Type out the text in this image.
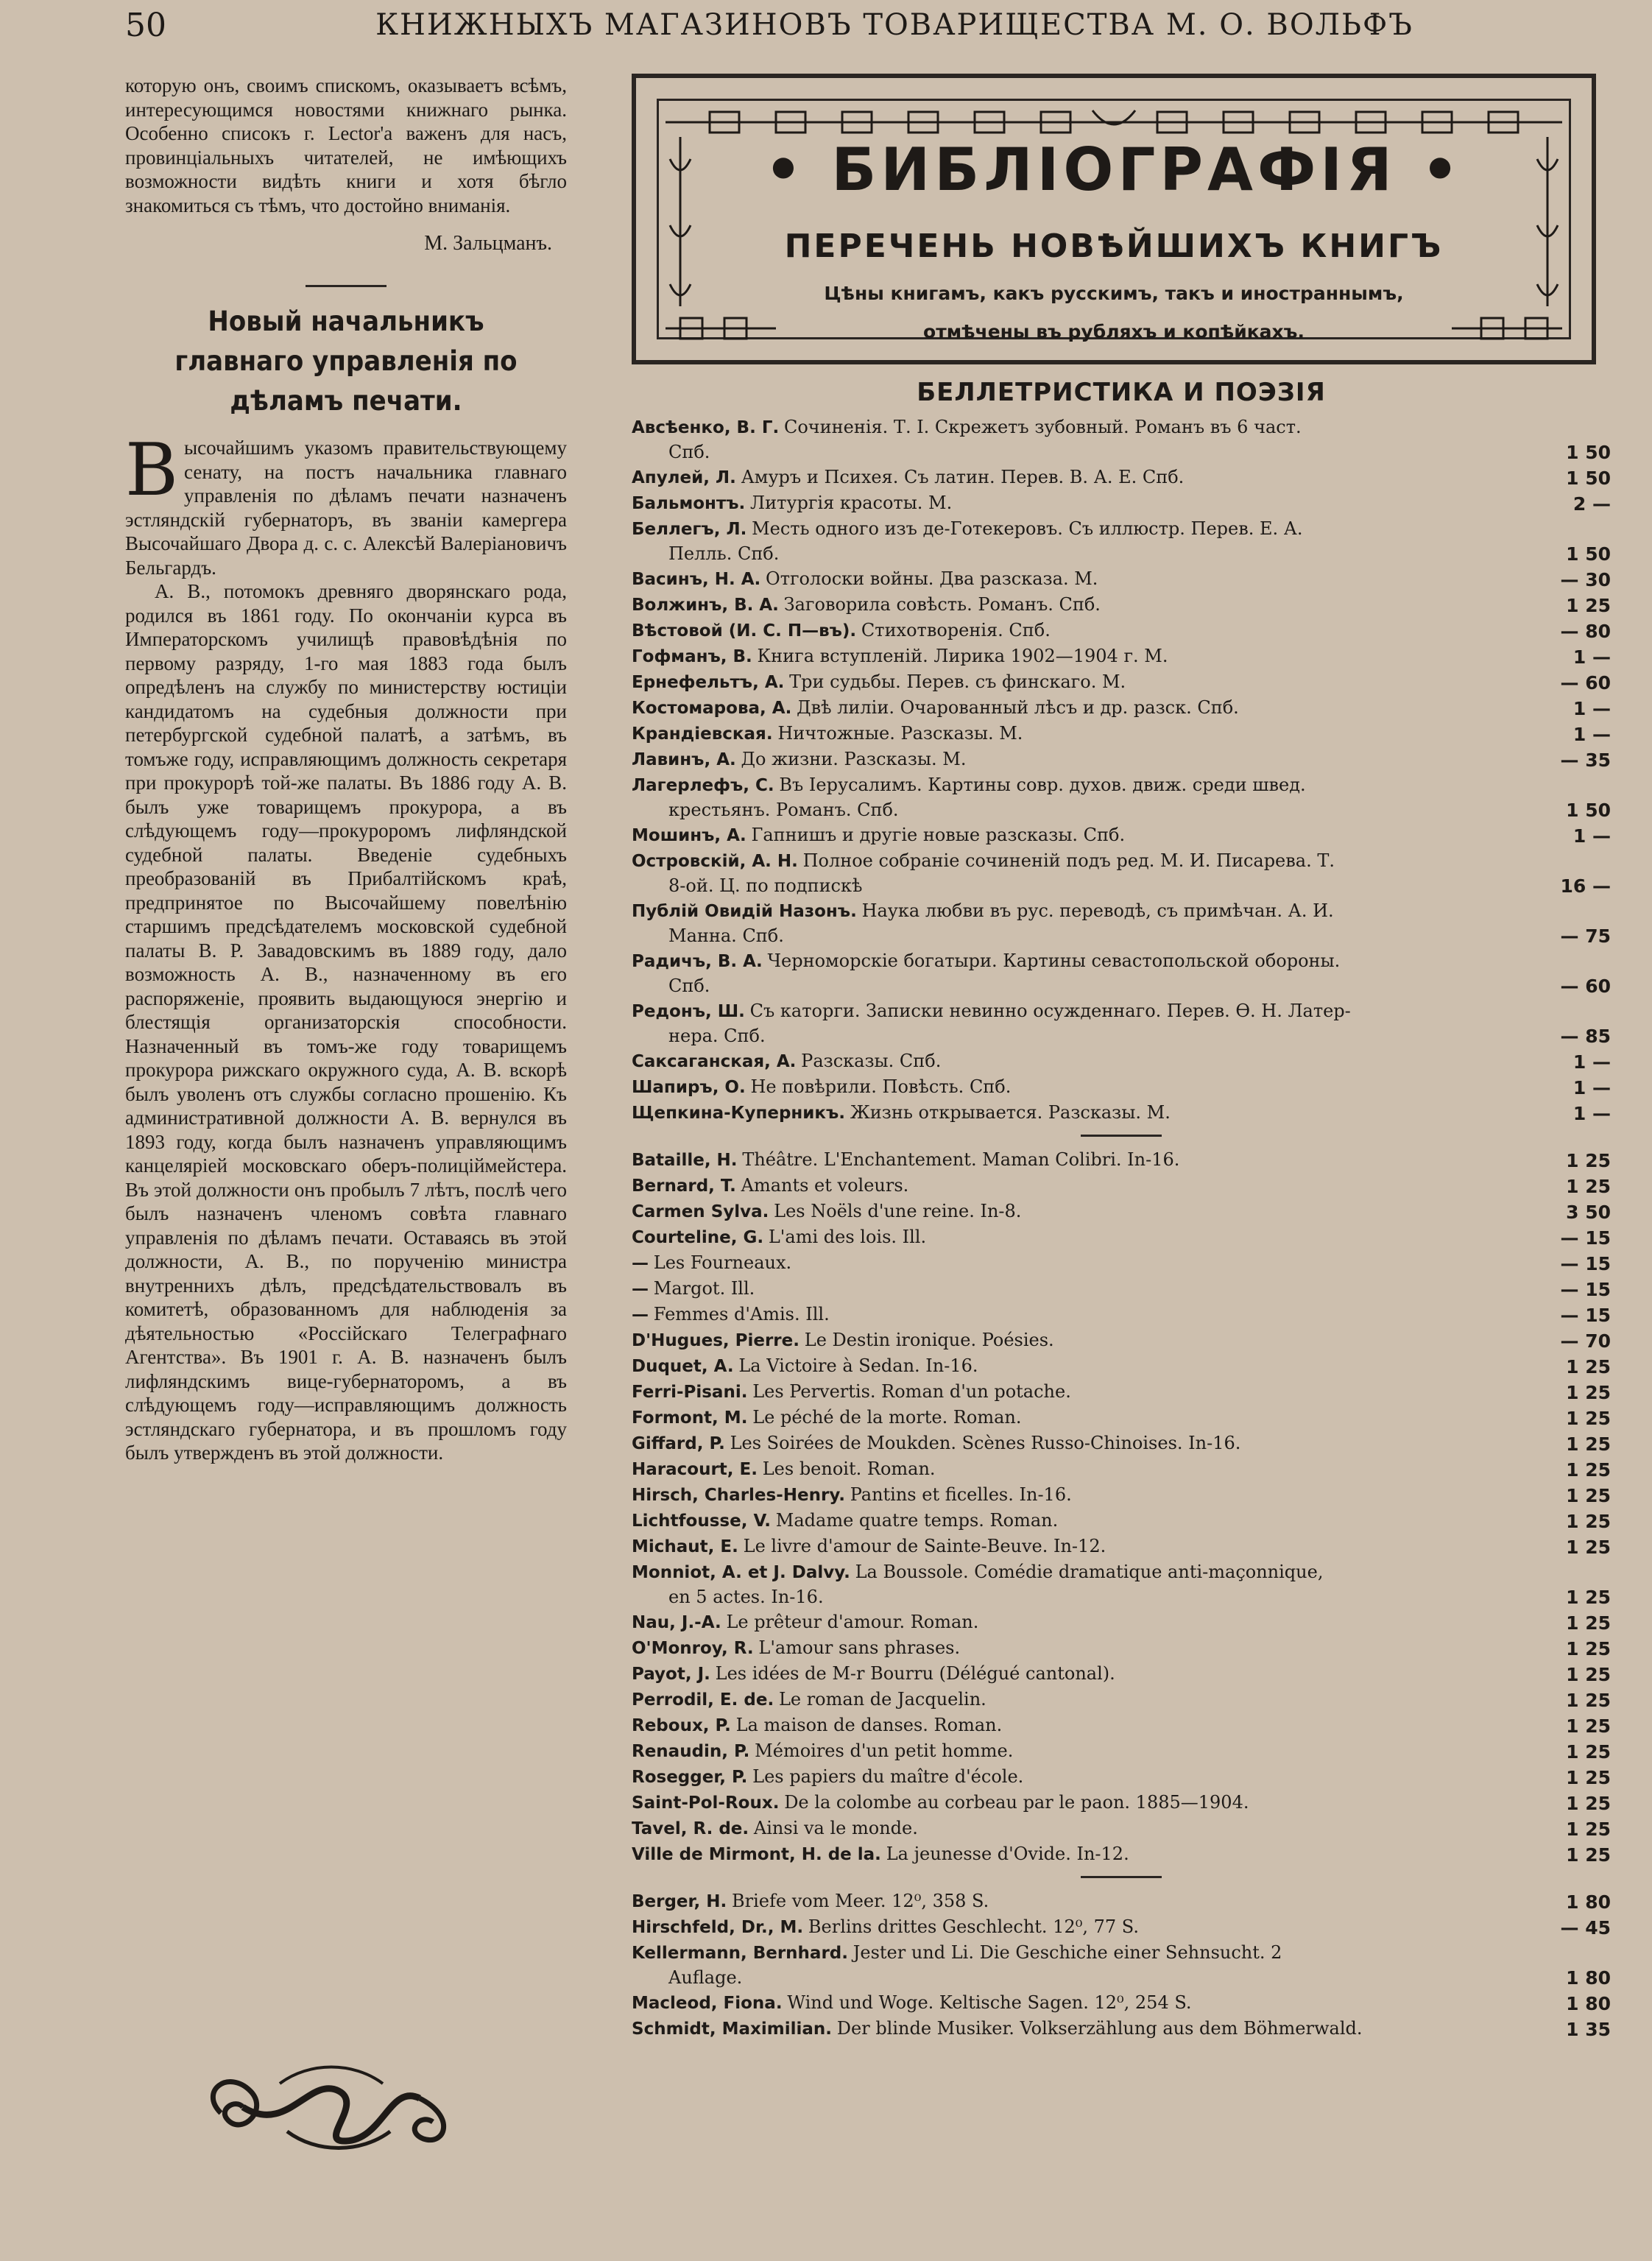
50	КНИЖНЫХЪ МАГАЗИНОВЪ ТОВАРИЩЕСТВА М. О. ВОЛЬФЪ

которую онъ, своимъ спискомъ, оказываетъ всѣмъ, интересующимся новостями книжнаго рынка. Особенно списокъ г. Lector'а важенъ для насъ, провинціальныхъ читателей, не имѣющихъ возможности видѣть книги и хотя бѣгло знакомиться съ тѣмъ, что достойно вниманія.

М. Зальцманъ.
Новый начальникъ главнаго управленія по дѣламъ печати.
В ысочайшимъ указомъ правительствующему сенату, на постъ начальника главнаго управленія по дѣламъ печати назначенъ эстляндскій губернаторъ, въ званіи камергера Высочайшаго Двора д. с. с. Алексѣй Валеріановичъ Бельгардъ.

А. В., потомокъ древняго дворянскаго рода, родился въ 1861 году. По окончаніи курса въ Императорскомъ училищѣ правовѣдѣнія по первому разряду, 1-го мая 1883 года былъ опредѣленъ на службу по министерству юстиціи кандидатомъ на судебныя должности при петербургской судебной палатѣ, а затѣмъ, въ томъже году, исправляющимъ должность секретаря при прокурорѣ той-же палаты. Въ 1886 году А. В. былъ уже товарищемъ прокурора, а въ слѣдующемъ году—прокуроромъ лифляндской судебной палаты. Введеніе судебныхъ преобразованій въ Прибалтійскомъ краѣ, предпринятое по Высочайшему повелѣнію старшимъ предсѣдателемъ московской судебной палаты В. Р. Завадовскимъ въ 1889 году, дало возможность А. В., назначенному въ его распоряженіе, проявить выдающуюся энергію и блестящія организаторскія способности. Назначенный въ томъ-же году товарищемъ прокурора рижскаго окружного суда, А. В. вскорѣ былъ уволенъ отъ службы согласно прошенію. Къ административной должности А. В. вернулся въ 1893 году, когда былъ назначенъ управляющимъ канцеляріей московскаго оберъ-полиціймейстера. Въ этой должности онъ пробылъ 7 лѣтъ, послѣ чего былъ назначенъ членомъ совѣта главнаго управленія по дѣламъ печати. Оставаясь въ этой должности, А. В., по порученію министра внутреннихъ дѣлъ, предсѣдательствовалъ въ комитетѣ, образованномъ для наблюденія за дѣятельностью «Россійскаго Телеграфнаго Агентства». Въ 1901 г. А. В. назначенъ былъ лифляндскимъ вице-губернаторомъ, а въ слѣдующемъ году—исправляющимъ должность эстляндскаго губернатора, и въ прошломъ году былъ утвержденъ въ этой должности.

• БИБЛІОГРАФІЯ •
ПЕРЕЧЕНЬ НОВѢЙШИХЪ КНИГЪ
Цѣны книгамъ, какъ русскимъ, такъ и иностраннымъ,
отмѣчены въ рубляхъ и копѣйкахъ.
БЕЛЛЕТРИСТИКА И ПОЭЗІЯ
Авсѣенко, В. Г. Сочиненія. Т. I. Скрежетъ зубовный. Романъ въ 6 част.
Спб.	1 50
Апулей, Л. Амуръ и Психея. Съ латин. Перев. В. А. Е. Спб.	1 50
Бальмонтъ. Литургія красоты. М.	2 —
Беллегъ, Л. Месть одного изъ де-Готекеровъ. Съ иллюстр. Перев. Е. А.
Пелль. Спб.	1 50
Васинъ, Н. А. Отголоски войны. Два разсказа. М.	— 30
Волжинъ, В. А. Заговорила совѣсть. Романъ. Спб.	1 25
Вѣстовой (И. С. П—въ). Стихотворенія. Спб.	— 80
Гофманъ, В. Книга вступленій. Лирика 1902—1904 г. М.	1 —
Ернефельтъ, А. Три судьбы. Перев. съ финскаго. М.	— 60
Костомарова, А. Двѣ лиліи. Очарованный лѣсъ и др. разск. Спб.	1 —
Крандіевская. Ничтожные. Разсказы. М.	1 —
Лавинъ, А. До жизни. Разсказы. М.	— 35
Лагерлефъ, С. Въ Іерусалимъ. Картины совр. духов. движ. среди швед.
крестьянъ. Романъ. Спб.	1 50
Мошинъ, А. Гапнишъ и другіе новые разсказы. Спб.	1 —
Островскій, А. Н. Полное собраніе сочиненій подъ ред. М. И. Писарева. Т.
8-ой. Ц. по подпискѣ	16 —
Публій Овидій Назонъ. Наука любви въ рус. переводѣ, съ примѣчан. А. И.
Манна. Спб.	— 75
Радичъ, В. А. Черноморскіе богатыри. Картины севастопольской обороны.
Спб.	— 60
Редонъ, Ш. Съ каторги. Записки невинно осужденнаго. Перев. Ѳ. Н. Латер-
нера. Спб.	— 85
Саксаганская, А. Разсказы. Спб.	1 —
Шапиръ, О. Не повѣрили. Повѣсть. Спб.	1 —
Щепкина-Куперникъ. Жизнь открывается. Разсказы. М.	1 —
Bataille, H. Théâtre. L'Enchantement. Maman Colibri. In-16.	1 25
Bernard, T. Amants et voleurs.	1 25
Carmen Sylva. Les Noëls d'une reine. In-8.	3 50
Courteline, G. L'ami des lois. Ill.	— 15
— Les Fourneaux.	— 15
— Margot. Ill.	— 15
— Femmes d'Amis. Ill.	— 15
D'Hugues, Pierre. Le Destin ironique. Poésies.	— 70
Duquet, A. La Victoire à Sedan. In-16.	1 25
Ferri-Pisani. Les Pervertis. Roman d'un potache.	1 25
Formont, M. Le péché de la morte. Roman.	1 25
Giffard, P. Les Soirées de Moukden. Scènes Russo-Chinoises. In-16.	1 25
Haracourt, E. Les benoit. Roman.	1 25
Hirsch, Charles-Henry. Pantins et ficelles. In-16.	1 25
Lichtfousse, V. Madame quatre temps. Roman.	1 25
Michaut, E. Le livre d'amour de Sainte-Beuve. In-12.	1 25
Monniot, A. et J. Dalvy. La Boussole. Comédie dramatique anti-maçonnique,
en 5 actes. In-16.	1 25
Nau, J.-A. Le prêteur d'amour. Roman.	1 25
O'Monroy, R. L'amour sans phrases.	1 25
Payot, J. Les idées de M-r Bourru (Délégué cantonal).	1 25
Perrodil, E. de. Le roman de Jacquelin.	1 25
Reboux, P. La maison de danses. Roman.	1 25
Renaudin, P. Mémoires d'un petit homme.	1 25
Rosegger, P. Les papiers du maître d'école.	1 25
Saint-Pol-Roux. De la colombe au corbeau par le paon. 1885—1904.	1 25
Tavel, R. de. Ainsi va le monde.	1 25
Ville de Mirmont, H. de la. La jeunesse d'Ovide. In-12.	1 25
Berger, H. Briefe vom Meer. 12⁰, 358 S.	1 80
Hirschfeld, Dr., M. Berlins drittes Geschlecht. 12⁰, 77 S.	— 45
Kellermann, Bernhard. Jester und Li. Die Geschiche einer Sehnsucht. 2
Auflage.	1 80
Macleod, Fiona. Wind und Woge. Keltische Sagen. 12⁰, 254 S.	1 80
Schmidt, Maximilian. Der blinde Musiker. Volkserzählung aus dem Böhmerwald.	1 35
